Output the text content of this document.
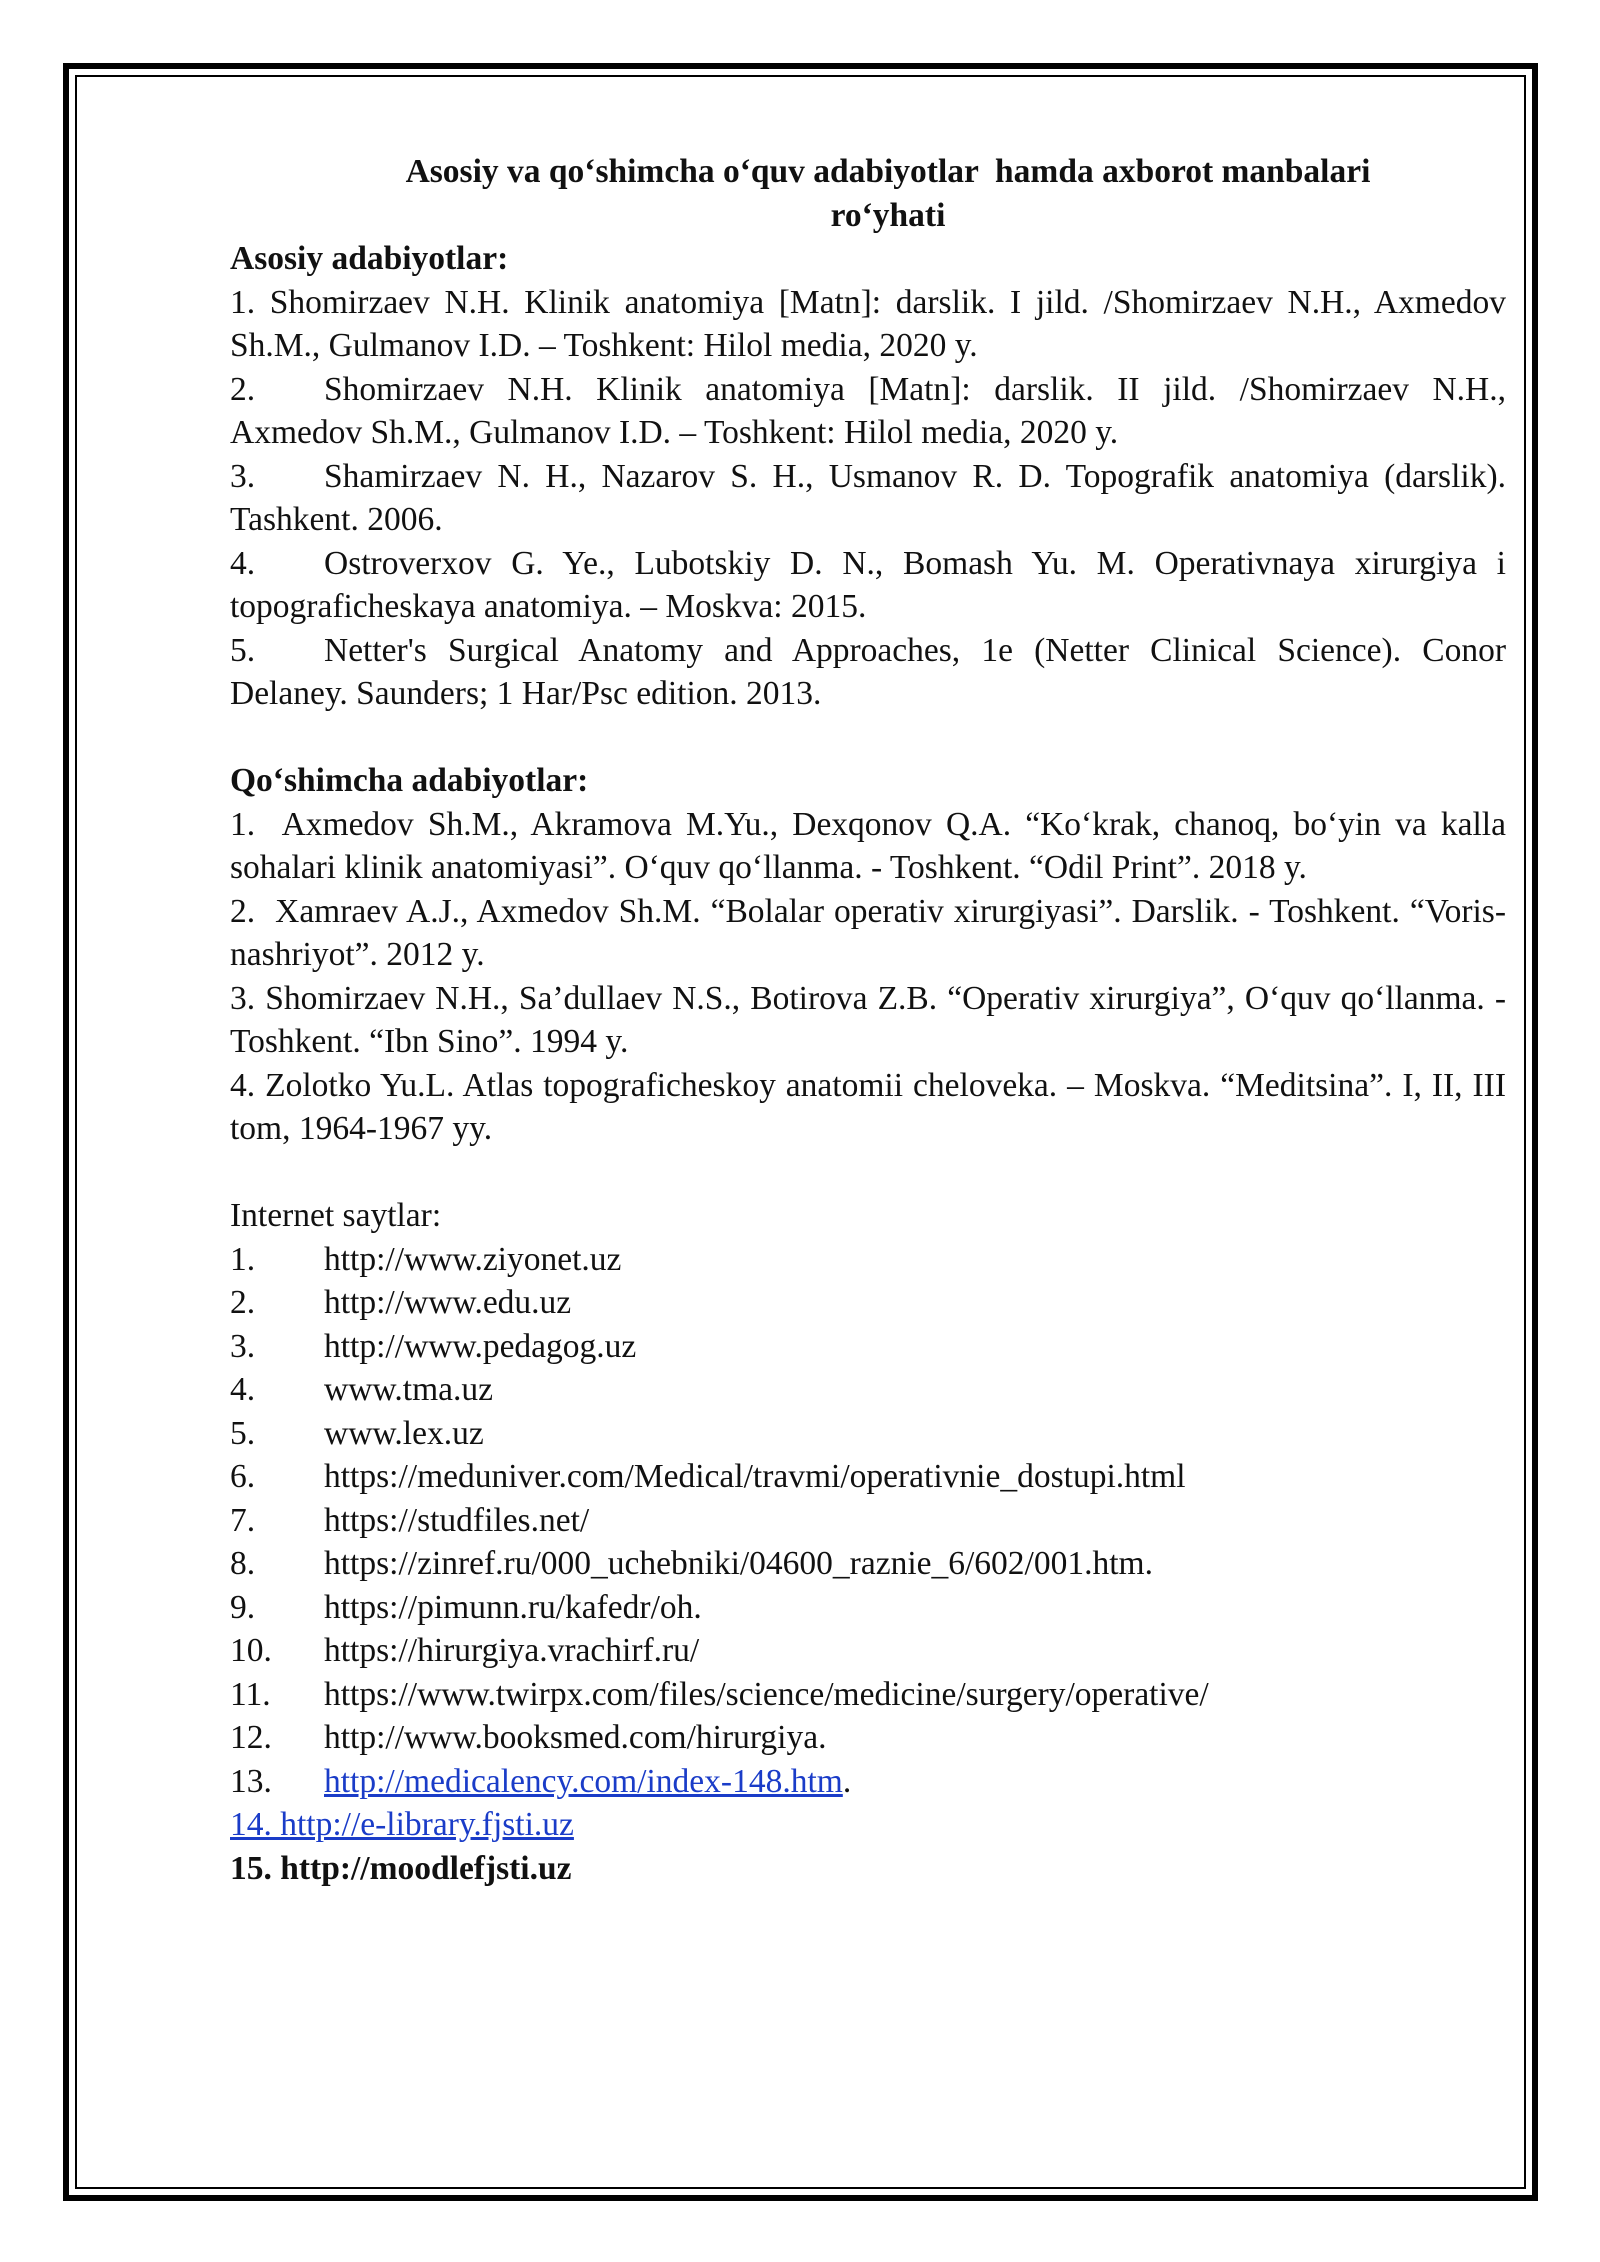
Asosiy va qo‘shimcha o‘quv adabiyotlar  hamda axborot manbalari
ro‘yhati

Asosiy adabiyotlar:

1. Shomirzaev N.H. Klinik anatomiya [Matn]: darslik. I jild. /Shomirzaev N.H., Axmedov Sh.M., Gulmanov I.D. – Toshkent: Hilol media, 2020 y.

2. Shomirzaev N.H. Klinik anatomiya [Matn]: darslik. II jild. /Shomirzaev N.H., Axmedov Sh.M., Gulmanov I.D. – Toshkent: Hilol media, 2020 y.

3. Shamirzaev N. H., Nazarov S. H., Usmanov R. D. Topografik anatomiya (darslik). Tashkent. 2006.

4. Ostroverxov G. Ye., Lubotskiy D. N., Bomash Yu. M. Operativnaya xirurgiya i topograficheskaya anatomiya. – Moskva: 2015.

5. Netter's Surgical Anatomy and Approaches, 1e (Netter Clinical Science). Conor Delaney. Saunders; 1 Har/Psc edition. 2013.

Qo‘shimcha adabiyotlar:

1.  Axmedov Sh.M., Akramova M.Yu., Dexqonov Q.A. “Ko‘krak, chanoq, bo‘yin va kalla sohalari klinik anatomiyasi”. O‘quv qo‘llanma. - Toshkent. “Odil Print”. 2018 y.

2.  Xamraev A.J., Axmedov Sh.M. “Bolalar operativ xirurgiyasi”. Darslik. - Toshkent. “Voris-nashriyot”. 2012 y.

3. Shomirzaev N.H., Sa’dullaev N.S., Botirova Z.B. “Operativ xirurgiya”, O‘quv qo‘llanma. - Toshkent. “Ibn Sino”. 1994 y.

4. Zolotko Yu.L. Atlas topograficheskoy anatomii cheloveka. – Moskva. “Meditsina”. I, II, III tom, 1964-1967 yy.

Internet saytlar:

1. http://www.ziyonet.uz

2. http://www.edu.uz

3. http://www.pedagog.uz

4. www.tma.uz

5. www.lex.uz

6. https://meduniver.com/Medical/travmi/operativnie_dostupi.html

7. https://studfiles.net/

8. https://zinref.ru/000_uchebniki/04600_raznie_6/602/001.htm.

9. https://pimunn.ru/kafedr/oh.

10. https://hirurgiya.vrachirf.ru/

11. https://www.twirpx.com/files/science/medicine/surgery/operative/

12. http://www.booksmed.com/hirurgiya.

13. http://medicalency.com/index-148.htm.

14. http://e-library.fjsti.uz

15. http://moodlefjsti.uz
